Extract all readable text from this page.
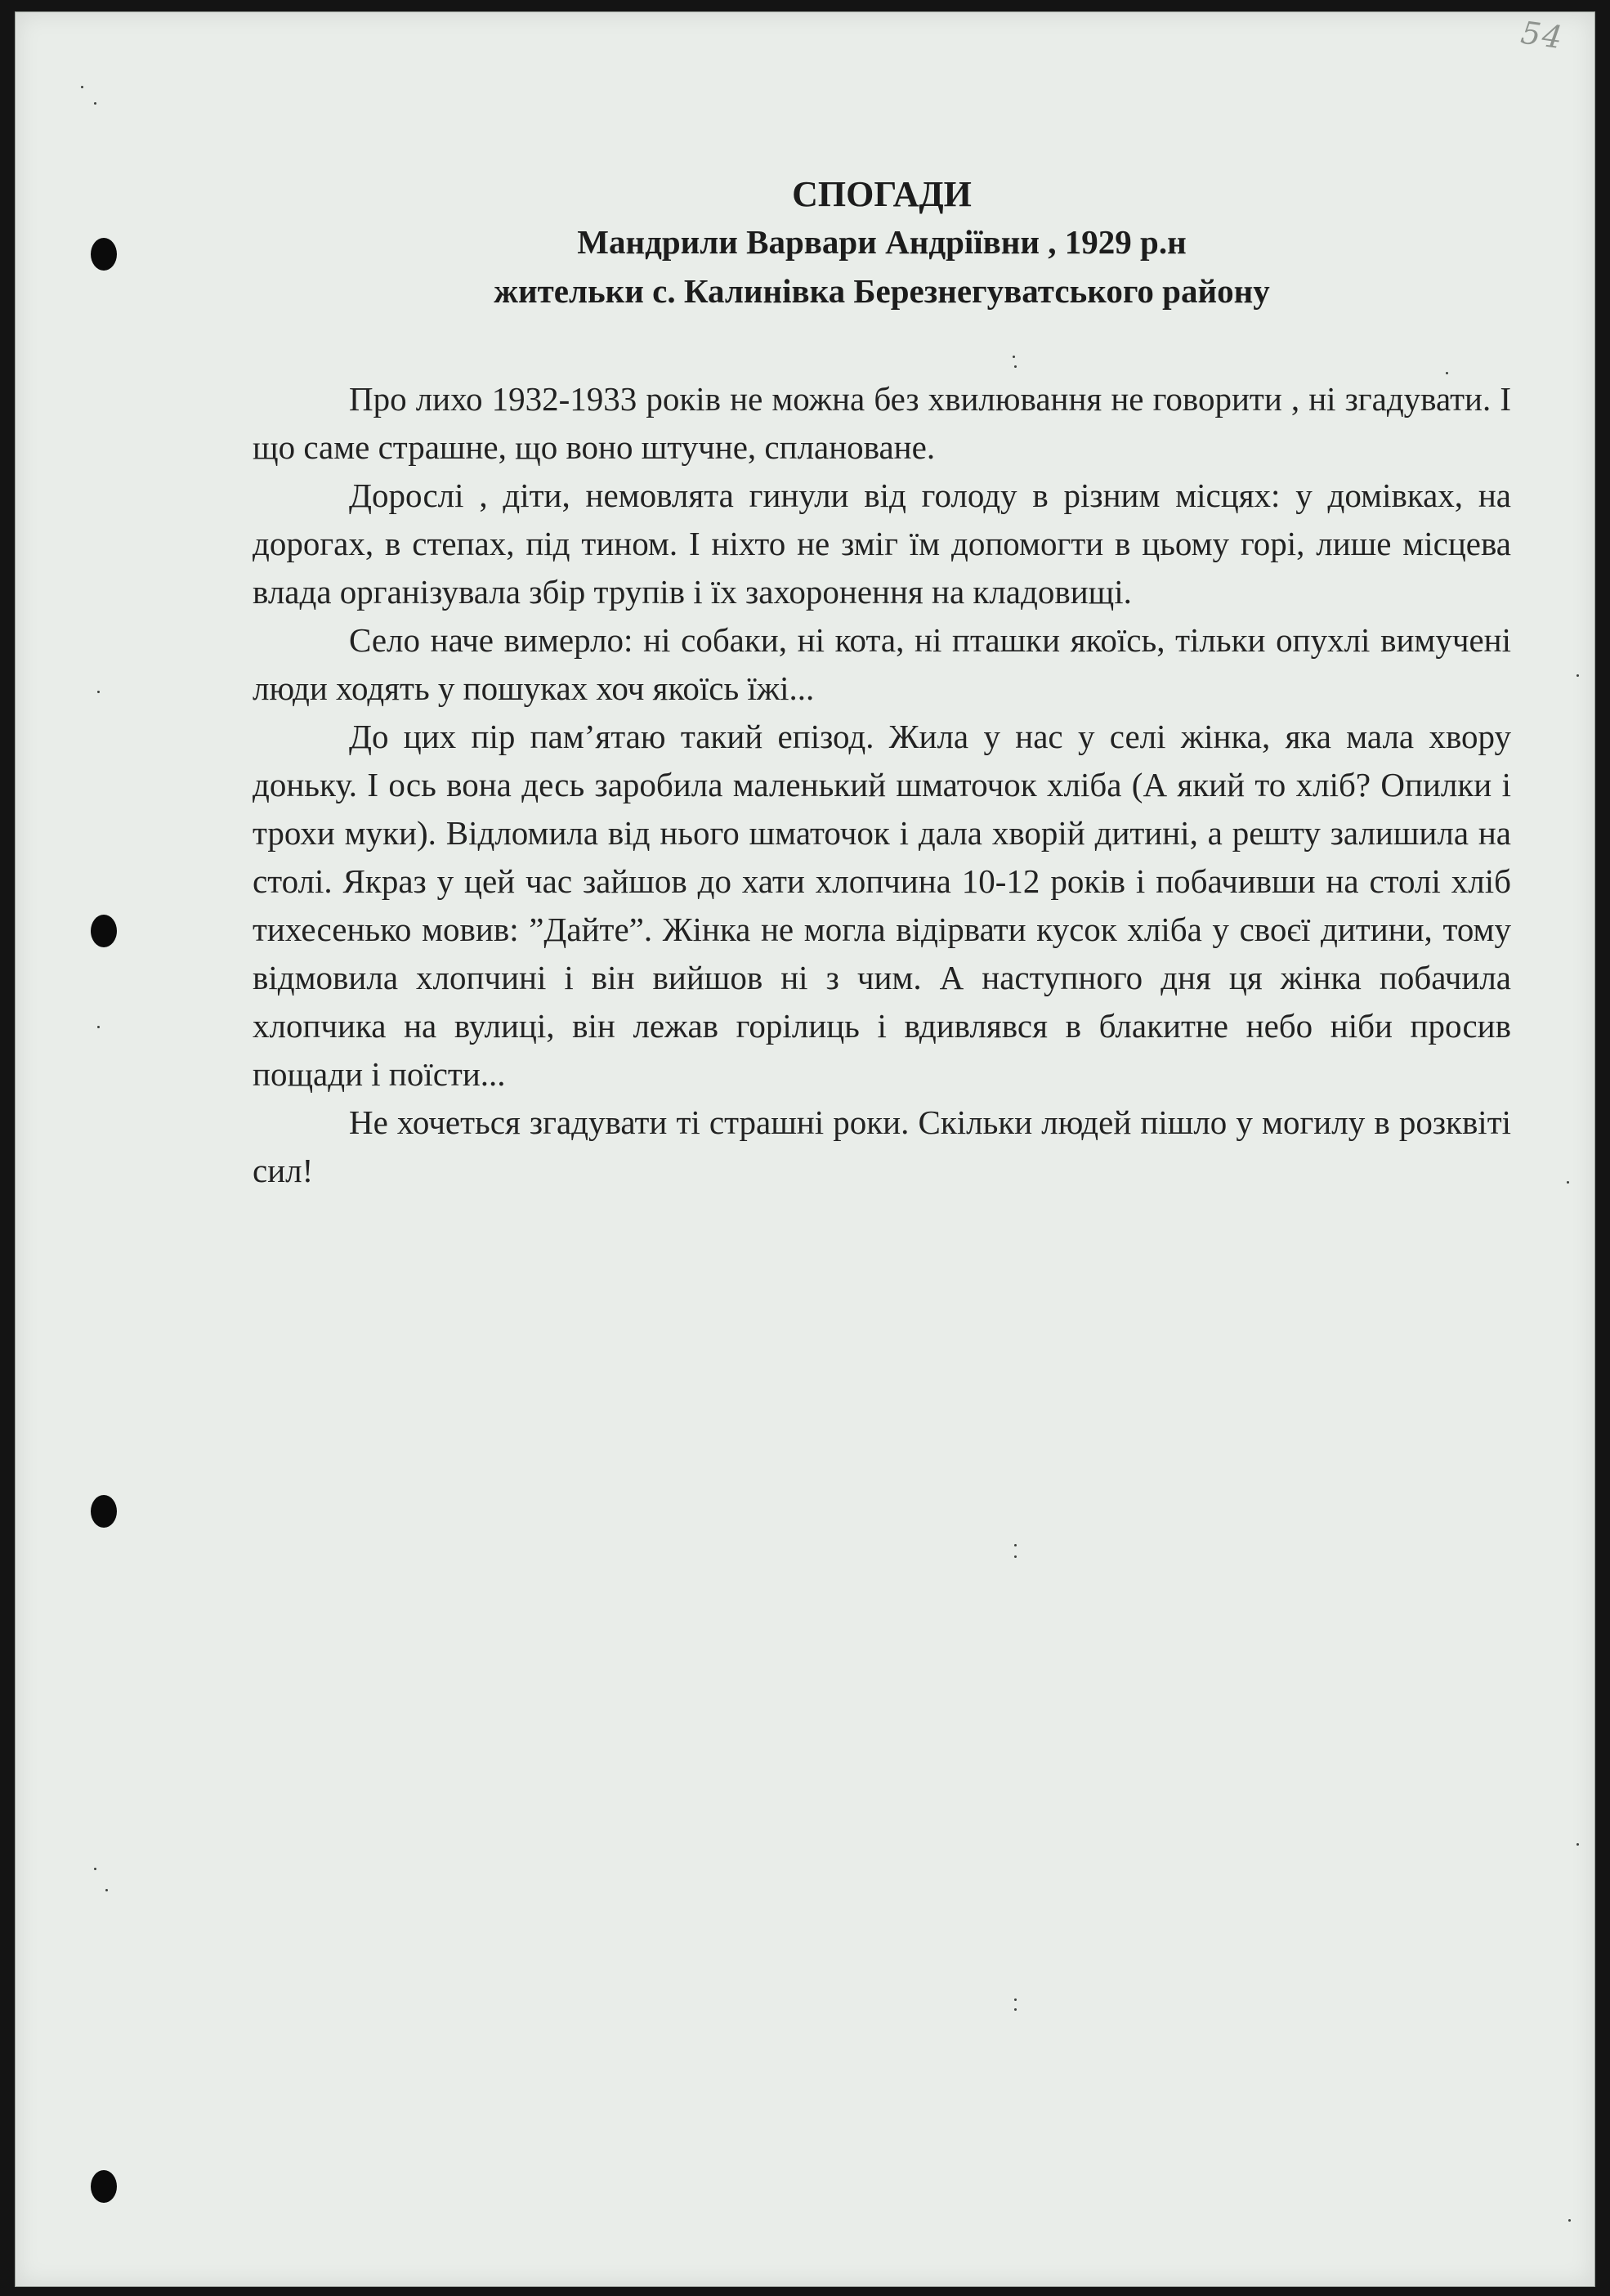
54
СПОГАДИ
Мандрили Варвари Андріївни , 1929 р.н
жительки с. Калинівка Березнегуватського району

Про лихо 1932-1933 років не можна без хвилювання не говорити , ні згадувати. І що саме страшне, що воно штучне, сплановане.

Дорослі , діти, немовлята гинули від голоду в різним місцях: у домівках, на дорогах, в степах, під тином. І ніхто не зміг їм допомогти в цьому горі, лише місцева влада організувала збір трупів і їх захоронення на кладовищі.

Село наче вимерло: ні собаки, ні кота, ні пташки якоїсь, тільки опухлі вимучені люди ходять у пошуках хоч якоїсь їжі...

До цих пір пам’ятаю такий епізод. Жила у нас у селі жінка, яка мала хвору доньку. І ось вона десь заробила маленький шматочок хліба (А який то хліб? Опилки і трохи муки). Відломила від нього шматочок і дала хворій дитині, а решту залишила на столі. Якраз у цей час зайшов до хати хлопчина 10-12 років і побачивши на столі хліб тихесенько мовив: ”Дайте”. Жінка не могла відірвати кусок хліба у своєї дитини, тому відмовила хлопчині і він вийшов ні з чим. А наступного дня ця жінка побачила хлопчика на вулиці, він лежав горілиць і вдивлявся в блакитне небо ніби просив пощади і поїсти...

Не хочеться згадувати ті страшні роки. Скільки людей пішло у могилу в розквіті сил!
